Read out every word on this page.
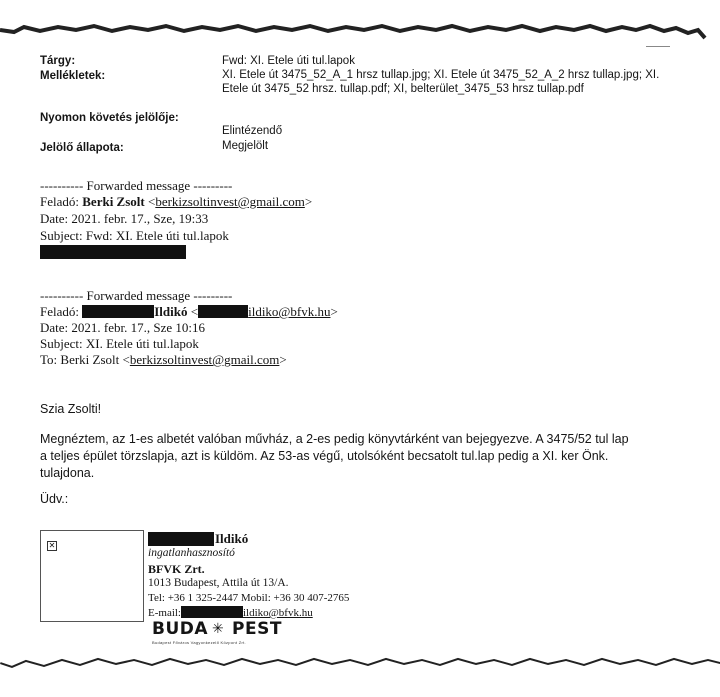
Tárgy:	Fwd: XI. Etele úti tul.lapok
Mellékletek:	XI. Etele út 3475_52_A_1 hrsz tullap.jpg; XI. Etele út 3475_52_A_2 hrsz tullap.jpg; XI.
Etele út 3475_52 hrsz. tullap.pdf; XI, belterület_3475_53 hrsz tullap.pdf
Nyomon követés jelölője:
Elintézendő
Jelölő állapota:	Megjelölt
---------- Forwarded message ---------
Feladó: Berki Zsolt <berkizsoltinvest@gmail.com>
Date: 2021. febr. 17., Sze, 19:33
Subject: Fwd: XI. Etele úti tul.lapok
---------- Forwarded message ---------
Feladó:	Ildikó <	ildiko@bfvk.hu>
Date: 2021. febr. 17., Sze 10:16
Subject: XI. Etele úti tul.lapok
To: Berki Zsolt <berkizsoltinvest@gmail.com>
Szia Zsolti!
Megnéztem, az 1-es albetét valóban művház, a 2-es pedig könyvtárként van bejegyezve. A 3475/52 tul lap
a teljes épület törzslapja, azt is küldöm. Az 53-as végű, utolsóként becsatolt tul.lap pedig a XI. ker Önk.
tulajdona.
Üdv.:
✕	Ildikó
ingatlanhasznosító
BFVK Zrt.
1013 Budapest, Attila út 13/A.
Tel: +36 1 325-2447 Mobil: +36 30 407-2765
E-mail:	ildiko@bfvk.hu
BUDA ✳ PEST
Budapest Főváros Vagyonkezelő Központ Zrt.
